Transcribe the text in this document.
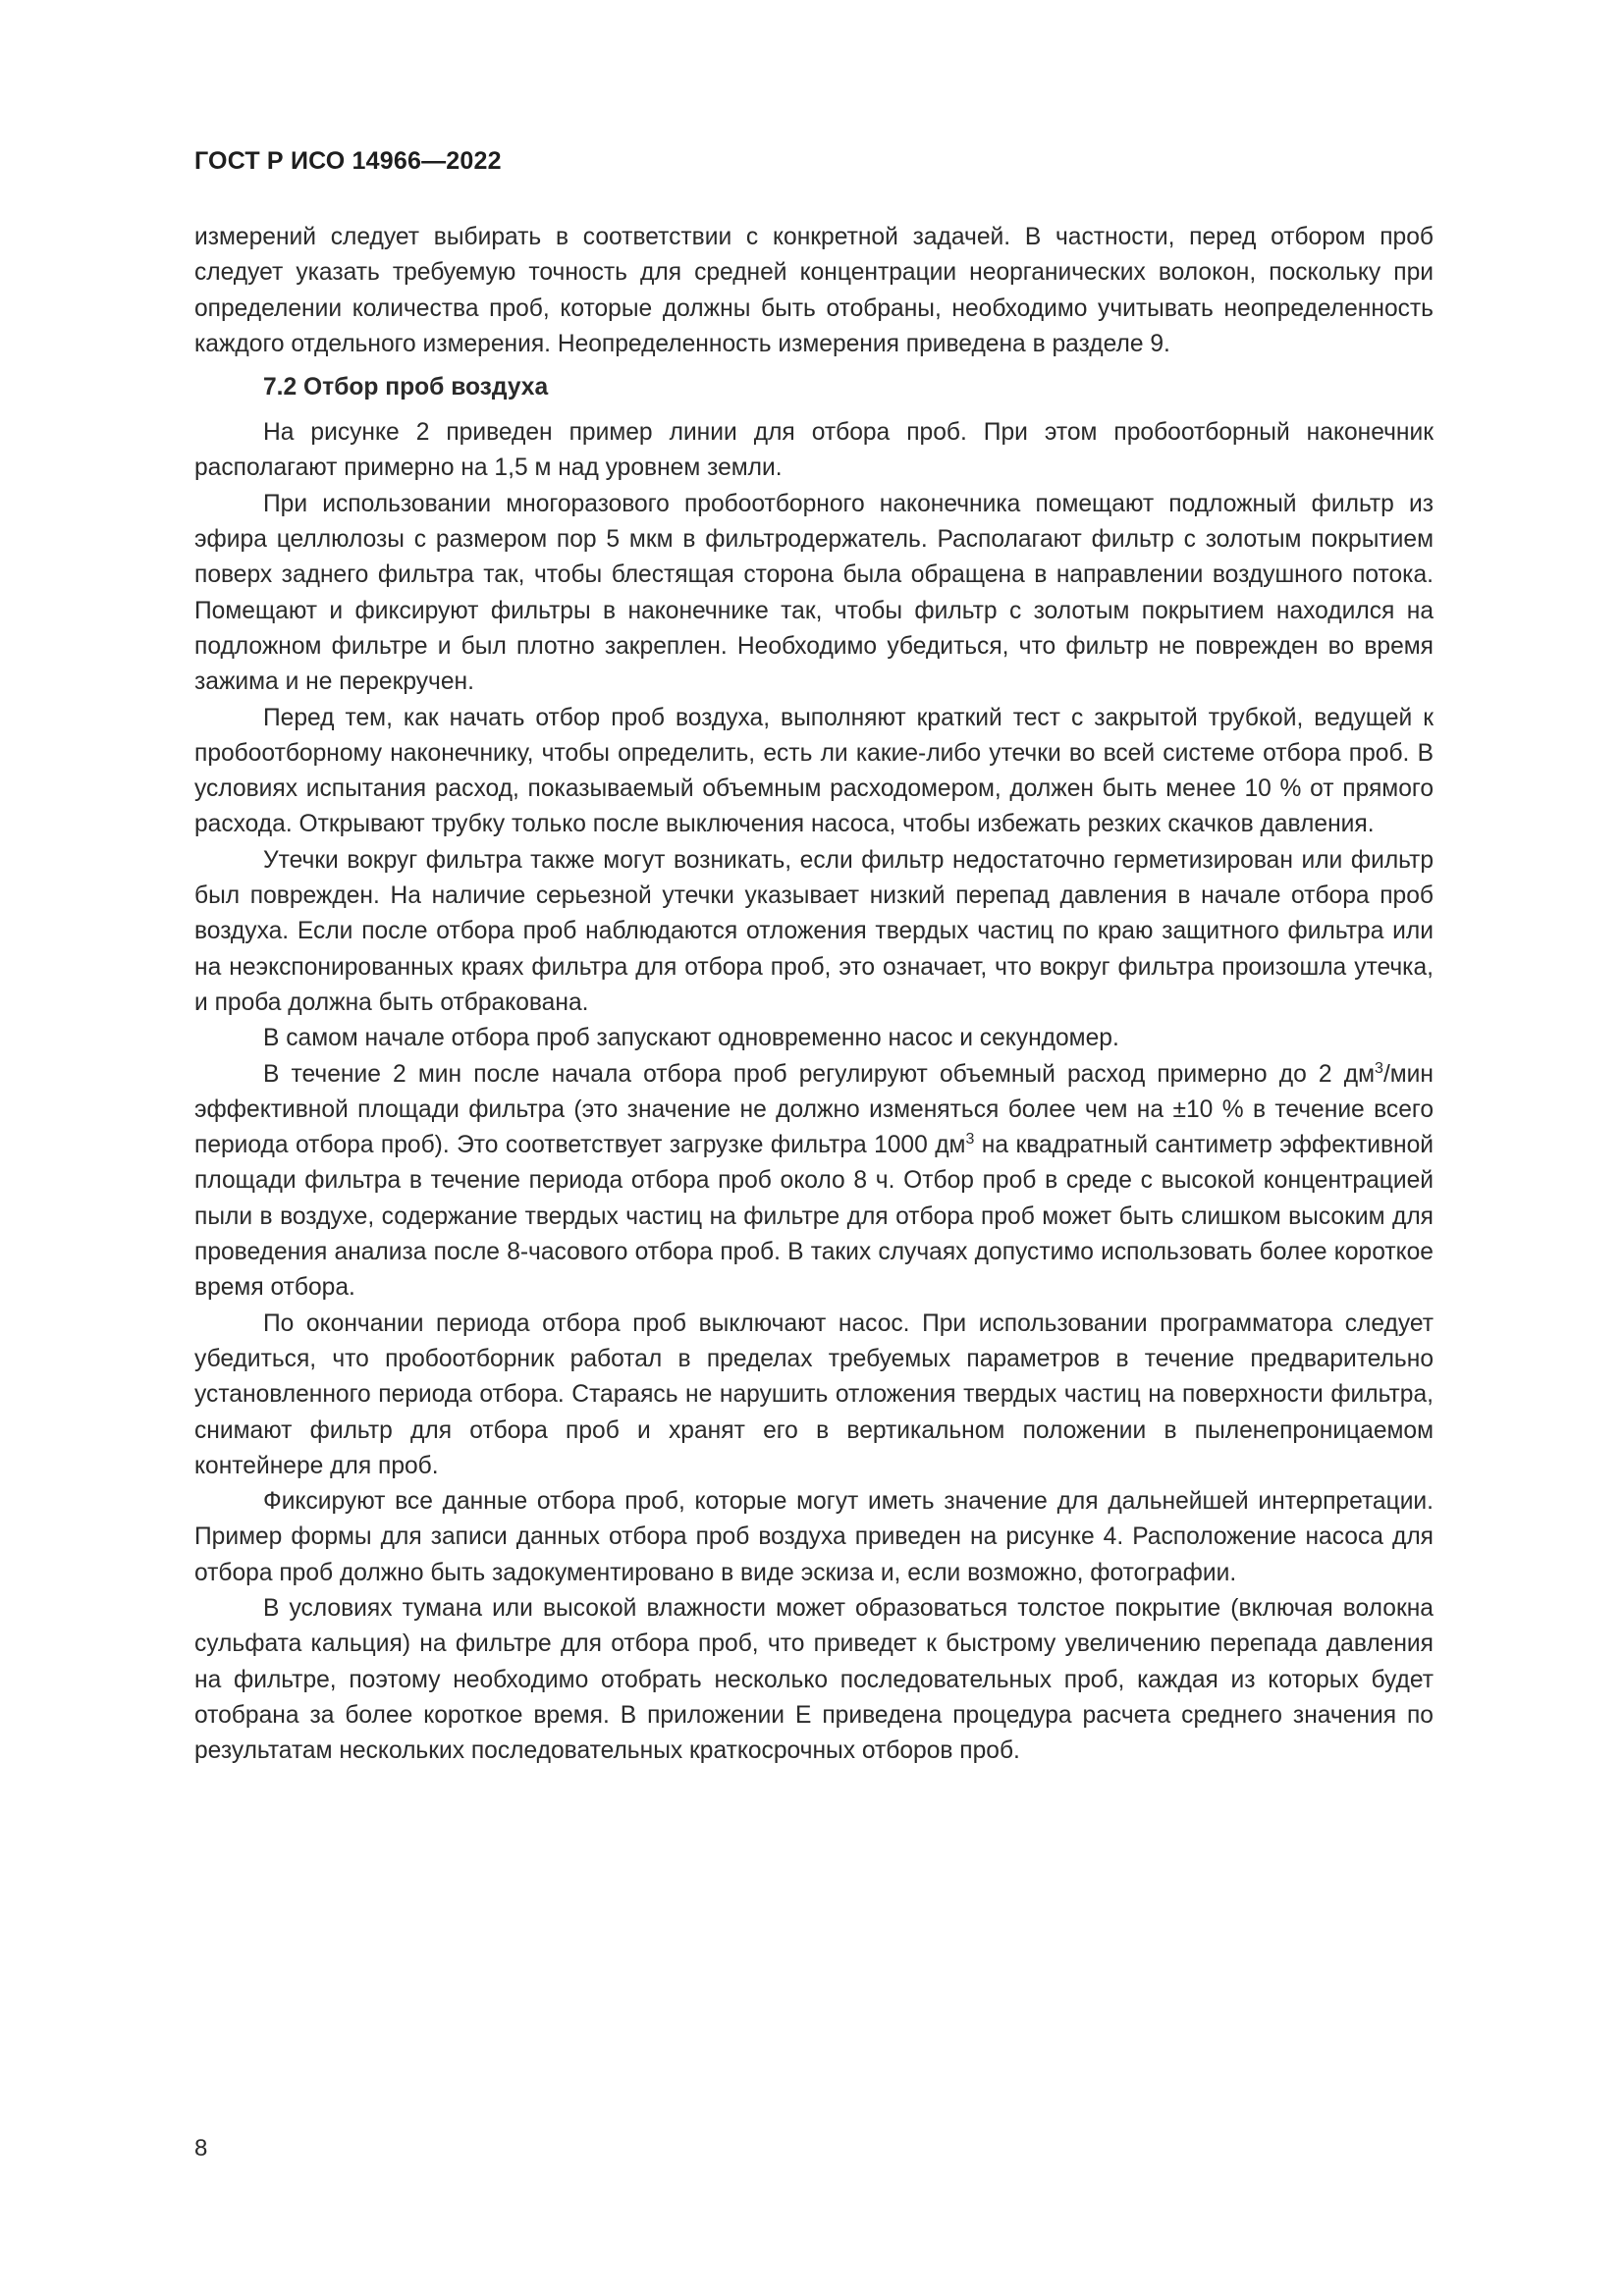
ГОСТ Р ИСО 14966—2022

измерений следует выбирать в соответствии с конкретной задачей. В частности, перед отбором проб следует указать требуемую точность для средней концентрации неорганических волокон, поскольку при определении количества проб, которые должны быть отобраны, необходимо учитывать неопределенность каждого отдельного измерения. Неопределенность измерения приведена в разделе 9.

7.2 Отбор проб воздуха

На рисунке 2 приведен пример линии для отбора проб. При этом пробоотборный наконечник располагают примерно на 1,5 м над уровнем земли.

При использовании многоразового пробоотборного наконечника помещают подложный фильтр из эфира целлюлозы с размером пор 5 мкм в фильтродержатель. Располагают фильтр с золотым покрытием поверх заднего фильтра так, чтобы блестящая сторона была обращена в направлении воздушного потока. Помещают и фиксируют фильтры в наконечнике так, чтобы фильтр с золотым покрытием находился на подложном фильтре и был плотно закреплен. Необходимо убедиться, что фильтр не поврежден во время зажима и не перекручен.

Перед тем, как начать отбор проб воздуха, выполняют краткий тест с закрытой трубкой, ведущей к пробоотборному наконечнику, чтобы определить, есть ли какие-либо утечки во всей системе отбора проб. В условиях испытания расход, показываемый объемным расходомером, должен быть менее 10 % от прямого расхода. Открывают трубку только после выключения насоса, чтобы избежать резких скачков давления.

Утечки вокруг фильтра также могут возникать, если фильтр недостаточно герметизирован или фильтр был поврежден. На наличие серьезной утечки указывает низкий перепад давления в начале отбора проб воздуха. Если после отбора проб наблюдаются отложения твердых частиц по краю защитного фильтра или на неэкспонированных краях фильтра для отбора проб, это означает, что вокруг фильтра произошла утечка, и проба должна быть отбракована.

В самом начале отбора проб запускают одновременно насос и секундомер.

В течение 2 мин после начала отбора проб регулируют объемный расход примерно до 2 $дм^3$/мин эффективной площади фильтра (это значение не должно изменяться более чем на ±10 % в течение всего периода отбора проб). Это соответствует загрузке фильтра 1000 $дм^3$ на квадратный сантиметр эффективной площади фильтра в течение периода отбора проб около 8 ч. Отбор проб в среде с высокой концентрацией пыли в воздухе, содержание твердых частиц на фильтре для отбора проб может быть слишком высоким для проведения анализа после 8-часового отбора проб. В таких случаях допустимо использовать более короткое время отбора.

По окончании периода отбора проб выключают насос. При использовании программатора следует убедиться, что пробоотборник работал в пределах требуемых параметров в течение предварительно установленного периода отбора. Стараясь не нарушить отложения твердых частиц на поверхности фильтра, снимают фильтр для отбора проб и хранят его в вертикальном положении в пыленепроницаемом контейнере для проб.

Фиксируют все данные отбора проб, которые могут иметь значение для дальнейшей интерпретации. Пример формы для записи данных отбора проб воздуха приведен на рисунке 4. Расположение насоса для отбора проб должно быть задокументировано в виде эскиза и, если возможно, фотографии.

В условиях тумана или высокой влажности может образоваться толстое покрытие (включая волокна сульфата кальция) на фильтре для отбора проб, что приведет к быстрому увеличению перепада давления на фильтре, поэтому необходимо отобрать несколько последовательных проб, каждая из которых будет отобрана за более короткое время. В приложении Е приведена процедура расчета среднего значения по результатам нескольких последовательных краткосрочных отборов проб.

8
